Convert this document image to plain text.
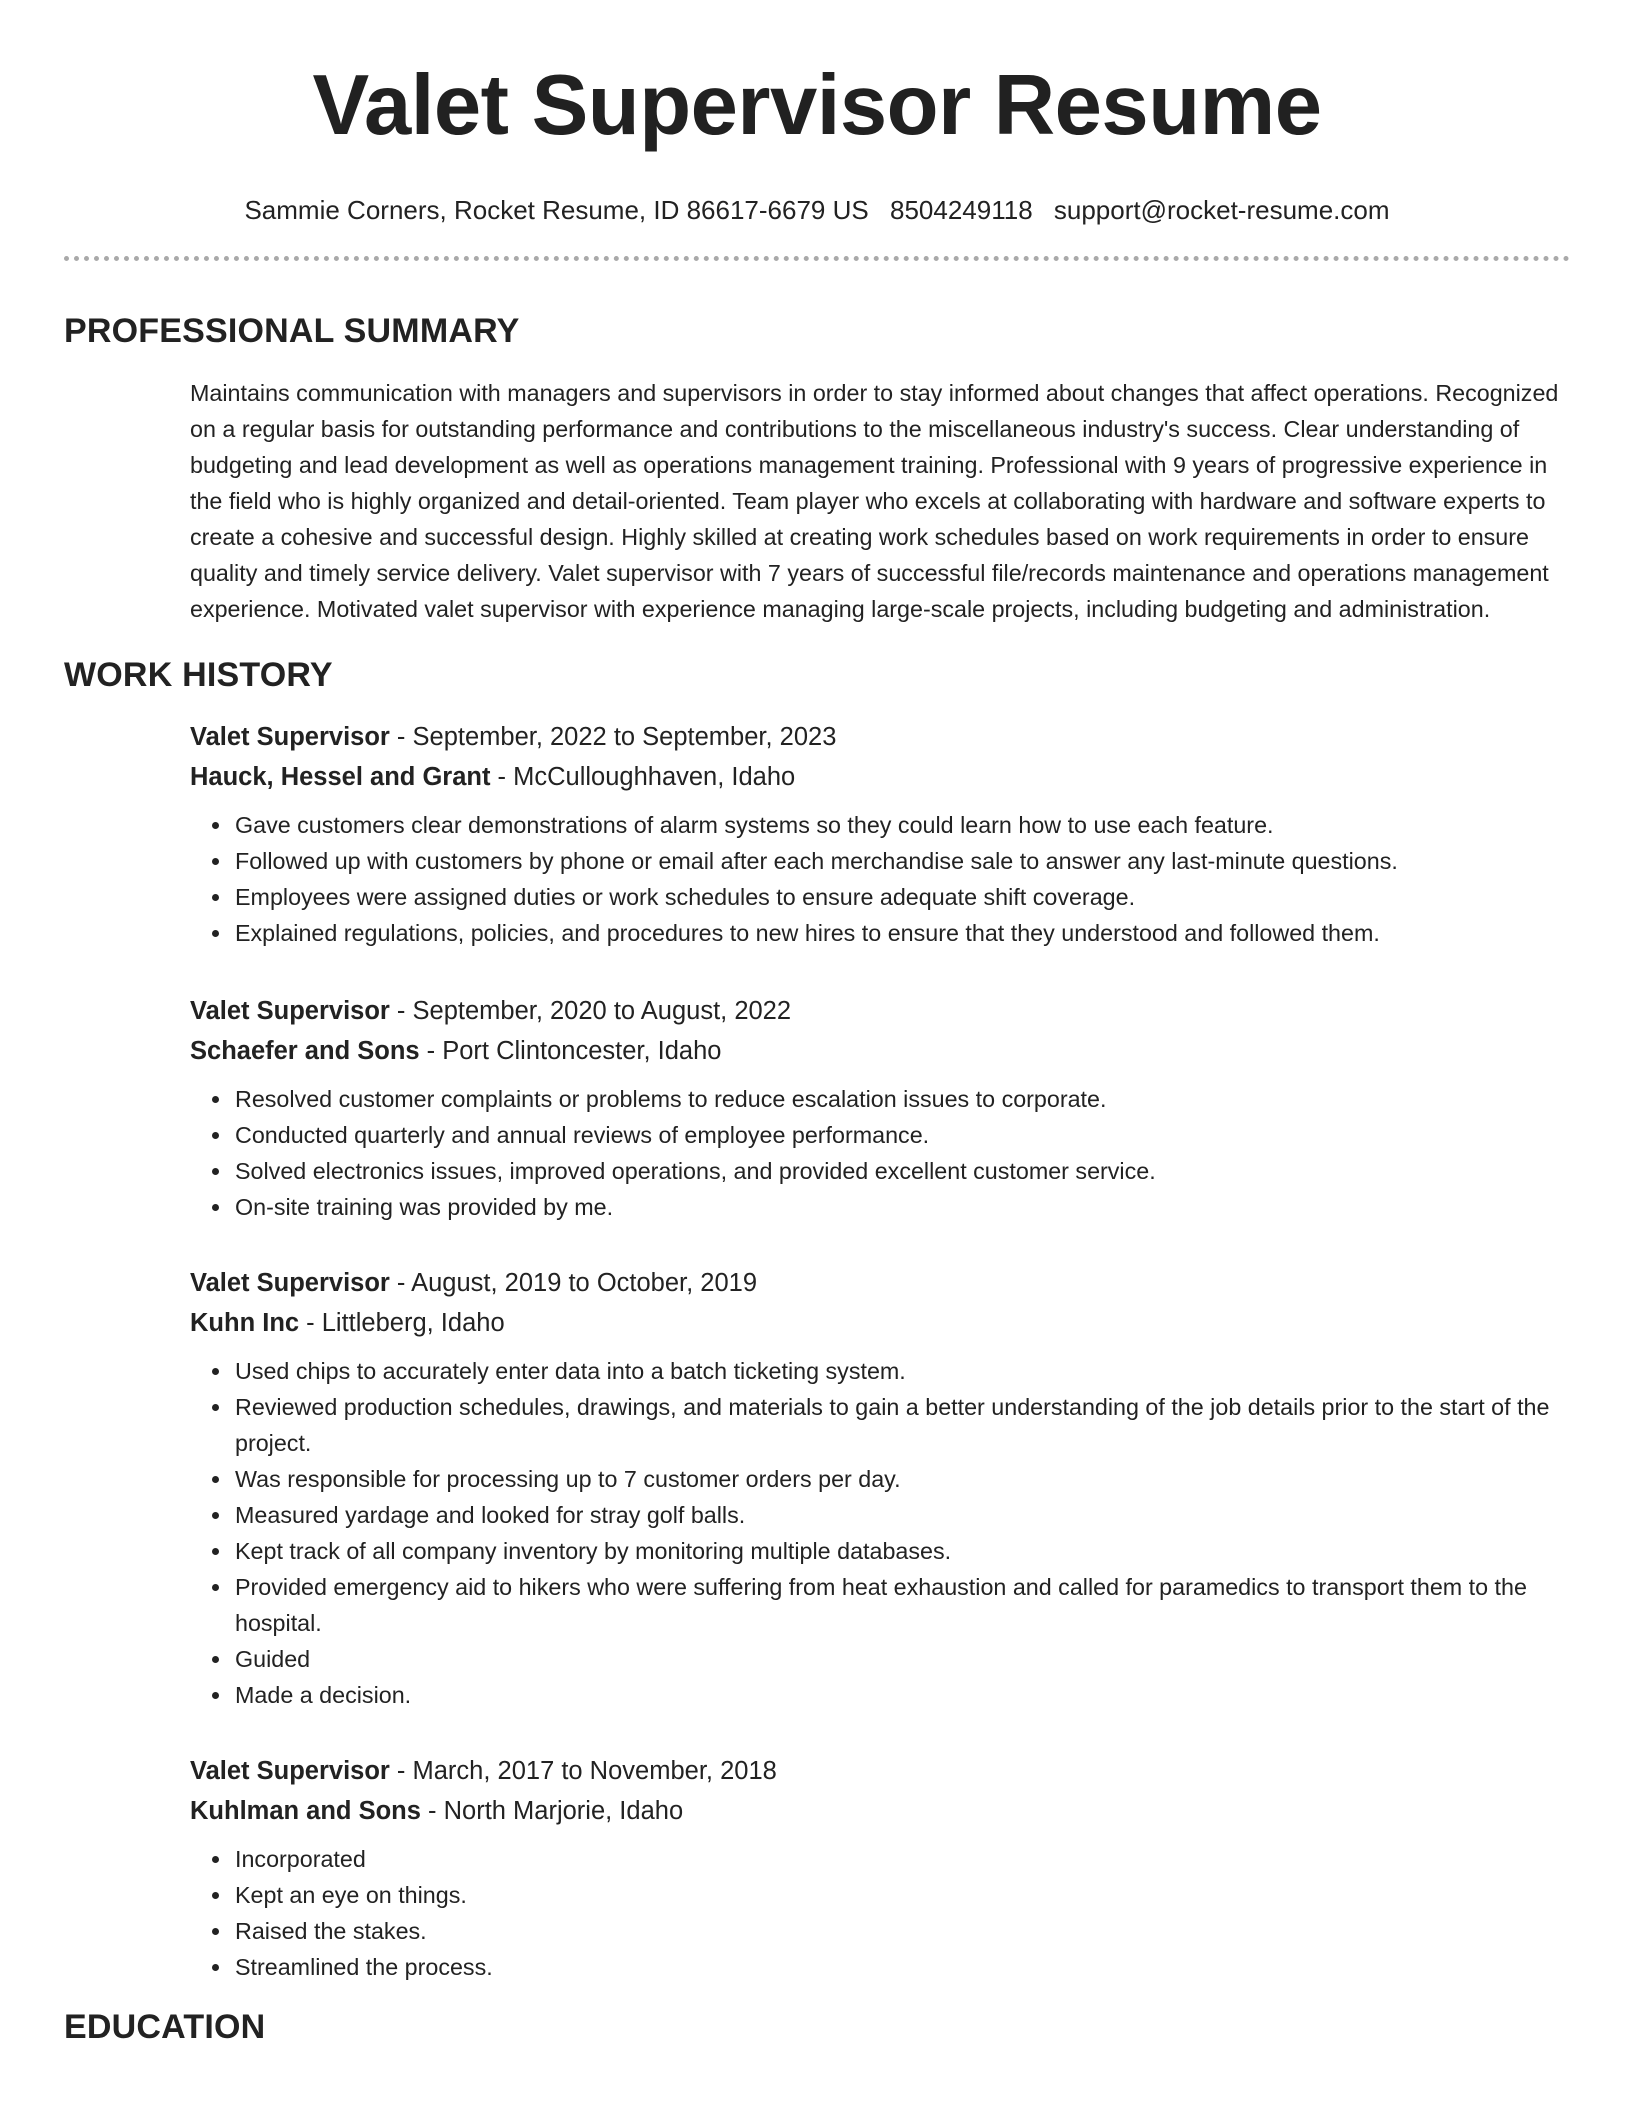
Valet Supervisor Resume
Sammie Corners, Rocket Resume, ID 86617-6679 US 8504249118 support@rocket-resume.com
PROFESSIONAL SUMMARY

Maintains communication with managers and supervisors in order to stay informed about changes that affect operations. Recognized on a regular basis for outstanding performance and contributions to the miscellaneous industry's success. Clear understanding of budgeting and lead development as well as operations management training. Professional with 9 years of progressive experience in the field who is highly organized and detail-oriented. Team player who excels at collaborating with hardware and software experts to create a cohesive and successful design. Highly skilled at creating work schedules based on work requirements in order to ensure quality and timely service delivery. Valet supervisor with 7 years of successful file/records maintenance and operations management experience. Motivated valet supervisor with experience managing large-scale projects, including budgeting and administration.

WORK HISTORY
Valet Supervisor - September, 2022 to September, 2023
Hauck, Hessel and Grant - McCulloughhaven, Idaho
• Gave customers clear demonstrations of alarm systems so they could learn how to use each feature.
• Followed up with customers by phone or email after each merchandise sale to answer any last-minute questions.
• Employees were assigned duties or work schedules to ensure adequate shift coverage.
• Explained regulations, policies, and procedures to new hires to ensure that they understood and followed them.
Valet Supervisor - September, 2020 to August, 2022
Schaefer and Sons - Port Clintoncester, Idaho
• Resolved customer complaints or problems to reduce escalation issues to corporate.
• Conducted quarterly and annual reviews of employee performance.
• Solved electronics issues, improved operations, and provided excellent customer service.
• On-site training was provided by me.
Valet Supervisor - August, 2019 to October, 2019
Kuhn Inc - Littleberg, Idaho
• Used chips to accurately enter data into a batch ticketing system.
• Reviewed production schedules, drawings, and materials to gain a better understanding of the job details prior to the start of the project.
• Was responsible for processing up to 7 customer orders per day.
• Measured yardage and looked for stray golf balls.
• Kept track of all company inventory by monitoring multiple databases.
• Provided emergency aid to hikers who were suffering from heat exhaustion and called for paramedics to transport them to the hospital.
• Guided
• Made a decision.
Valet Supervisor - March, 2017 to November, 2018
Kuhlman and Sons - North Marjorie, Idaho
• Incorporated
• Kept an eye on things.
• Raised the stakes.
• Streamlined the process.
EDUCATION
